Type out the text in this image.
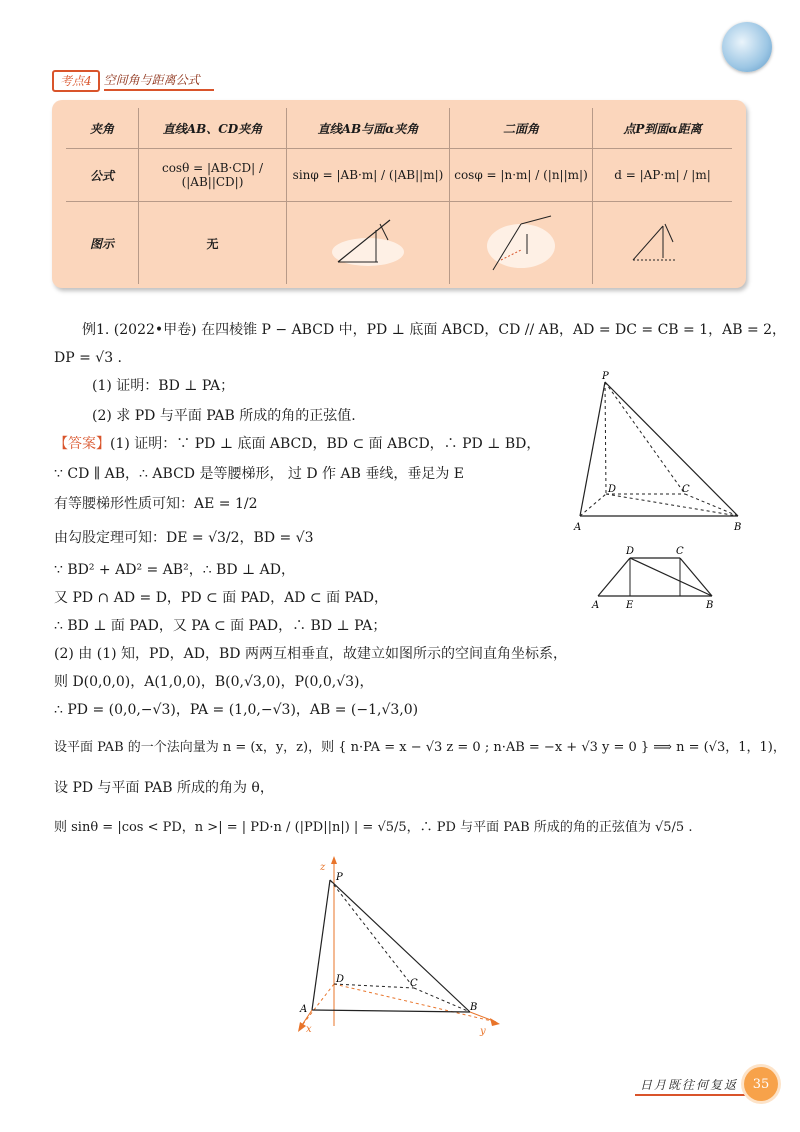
考点4	空间角与距离公式
夹角	直线AB、CD夹角	直线AB与面α夹角	二面角	点P到面α距离
公式	cosθ = |AB·CD| / (|AB||CD|)	sinφ = |AB·m| / (|AB||m|)	cosφ = |n·m| / (|n||m|)	d = |AP·m| / |m|
图示	无			
例1. (2022•甲卷) 在四棱锥 P − ABCD 中，PD ⊥ 底面 ABCD，CD // AB，AD = DC = CB = 1，AB = 2，
DP = √3 .
(1) 证明：BD ⊥ PA；
(2) 求 PD 与平面 PAB 所成的角的正弦值.
【答案】(1) 证明：∵ PD ⊥ 底面 ABCD，BD ⊂ 面 ABCD，∴ PD ⊥ BD，
∵ CD ∥ AB，∴ ABCD 是等腰梯形， 过 D 作 AB 垂线，垂足为 E
有等腰梯形性质可知：AE = 1/2
由勾股定理可知：DE = √3/2，BD = √3
∵ BD² + AD² = AB²，∴ BD ⊥ AD，
又 PD ∩ AD = D，PD ⊂ 面 PAD，AD ⊂ 面 PAD，
∴ BD ⊥ 面 PAD，又 PA ⊂ 面 PAD，∴ BD ⊥ PA；
(2) 由 (1) 知，PD，AD，BD 两两互相垂直，故建立如图所示的空间直角坐标系，
则 D(0,0,0)，A(1,0,0)，B(0,√3,0)，P(0,0,√3)，
∴ PD = (0,0,−√3)，PA = (1,0,−√3)，AB = (−1,√3,0)
设平面 PAB 的一个法向量为 n = (x，y，z)，则 { n·PA = x − √3 z = 0 ; n·AB = −x + √3 y = 0 } ⟹ n = (√3，1，1)，
设 PD 与平面 PAB 所成的角为 θ，
则 sinθ = |cos < PD，n >| = | PD·n / (|PD||n|) | = √5/5，∴ PD 与平面 PAB 所成的角的正弦值为 √5/5 .
P
A	B
C
D
D	C
A	E	B
z
P
D	C
A	B
x	y
日月既往何复返	35
